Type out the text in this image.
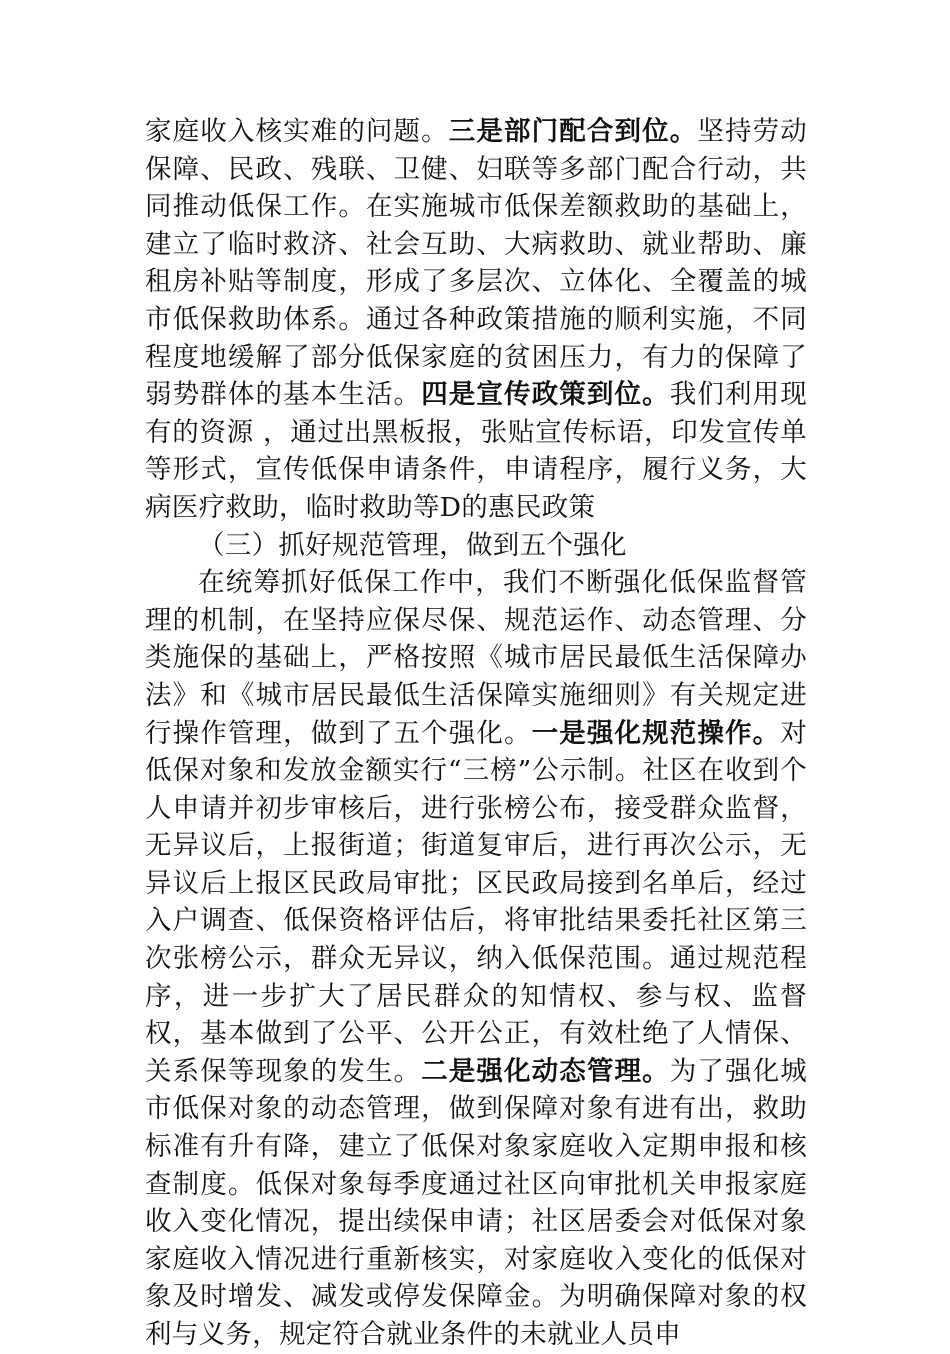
家庭收入核实难的问题。三是部门配合到位。坚持劳动保障、民政、残联、卫健、妇联等多部门配合行动，共同推动低保工作。在实施城市低保差额救助的基础上，建立了临时救济、社会互助、大病救助、就业帮助、廉租房补贴等制度，形成了多层次、立体化、全覆盖的城市低保救助体系。通过各种政策措施的顺利实施，不同程度地缓解了部分低保家庭的贫困压力，有力的保障了弱势群体的基本生活。四是宣传政策到位。我们利用现有的资源 ，通过出黑板报，张贴宣传标语，印发宣传单等形式，宣传低保申请条件，申请程序，履行义务，大病医疗救助，临时救助等D的惠民政策

（三）抓好规范管理，做到五个强化

在统筹抓好低保工作中，我们不断强化低保监督管理的机制，在坚持应保尽保、规范运作、动态管理、分类施保的基础上，严格按照《城市居民最低生活保障办法》和《城市居民最低生活保障实施细则》有关规定进行操作管理，做到了五个强化。一是强化规范操作。对低保对象和发放金额实行“三榜”公示制。社区在收到个人申请并初步审核后，进行张榜公布，接受群众监督，无异议后，上报街道；街道复审后，进行再次公示，无异议后上报区民政局审批；区民政局接到名单后，经过入户调查、低保资格评估后，将审批结果委托社区第三次张榜公示，群众无异议，纳入低保范围。通过规范程序，进一步扩大了居民群众的知情权、参与权、监督权，基本做到了公平、公开公正，有效杜绝了人情保、关系保等现象的发生。二是强化动态管理。为了强化城市低保对象的动态管理，做到保障对象有进有出，救助标准有升有降，建立了低保对象家庭收入定期申报和核查制度。低保对象每季度通过社区向审批机关申报家庭收入变化情况，提出续保申请；社区居委会对低保对象家庭收入情况进行重新核实，对家庭收入变化的低保对象及时增发、减发或停发保障金。为明确保障对象的权利与义务，规定符合就业条件的未就业人员申
